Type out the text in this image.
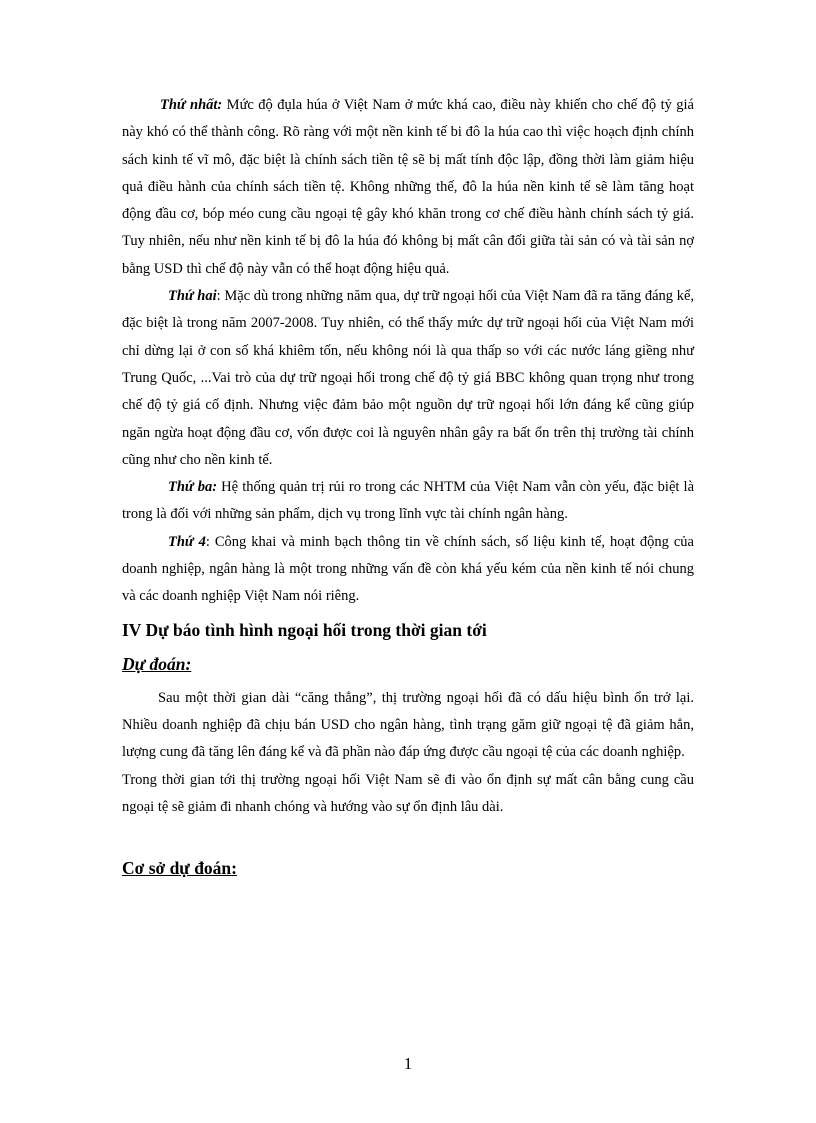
Thứ nhất: Mức độ đụla húa ở Việt Nam ở mức khá cao, điều này khiến cho chế độ tỷ giá này khó có thể thành công. Rõ ràng với một nền kinh tế bi đô la húa cao thì việc hoạch định chính sách kinh tế vĩ mô, đặc biệt là chính sách tiền tệ sẽ bị mất tính độc lập, đồng thời làm giảm hiệu quả điều hành của chính sách tiền tệ. Không những thế, đô la húa nền kinh tế sẽ làm tăng hoạt động đầu cơ, bóp méo cung cầu ngoại tệ gây khó khăn trong cơ chế điều hành chính sách tỷ giá. Tuy nhiên, nếu như nền kinh tế bị đô la húa đó không bị mất cân đối giữa tài sản có và tài sản nợ bằng USD thì chế độ này vẫn có thể hoạt động hiệu quả.

Thứ hai: Mặc dù trong những năm qua, dự trữ ngoại hối của Việt Nam đã ra tăng đáng kể, đặc biệt là trong năm 2007-2008. Tuy nhiên, có thể thấy mức dự trữ ngoại hối của Việt Nam mới chỉ dừng lại ở con số khá khiêm tốn, nếu không nói là qua thấp so với các nước láng giềng như Trung Quốc, ...Vai trò của dự trữ ngoại hối trong chế độ tỷ giá BBC không quan trọng như trong chế độ tỷ giá cố định. Nhưng việc đảm bảo một nguồn dự trữ ngoại hối lớn đáng kể cũng giúp ngăn ngừa hoạt động đầu cơ, vốn được coi là nguyên nhân gây ra bất ổn trên thị trường tài chính cũng như cho nền kinh tế.

Thứ ba: Hệ thống quản trị rủi ro trong các NHTM của Việt Nam vẫn còn yếu, đặc biệt là trong là đối với những sản phẩm, dịch vụ trong lĩnh vực tài chính ngân hàng.

Thứ 4: Công khai và minh bạch thông tin về chính sách, số liệu kinh tế, hoạt động của doanh nghiệp, ngân hàng là một trong những vấn đề còn khá yếu kém của nền kinh tế nói chung và các doanh nghiệp Việt Nam nói riêng.

IV Dự báo tình hình ngoại hối trong thời gian tới
Dự đoán:

Sau một thời gian dài “căng thẳng”, thị trường ngoại hối đã có dấu hiệu bình ổn trở lại. Nhiều doanh nghiệp đã chịu bán USD cho ngân hàng, tình trạng găm giữ ngoại tệ đã giảm hẳn, lượng cung đã tăng lên đáng kể và đã phần nào đáp ứng được cầu ngoại tệ của các doanh nghiệp.

Trong thời gian tới thị trường ngoại hối Việt Nam sẽ đi vào ổn định sự mất cân bằng cung cầu ngoại tệ sẽ giảm đi nhanh chóng và hướng vào sự ổn định lâu dài.

Cơ sở dự đoán:
1
